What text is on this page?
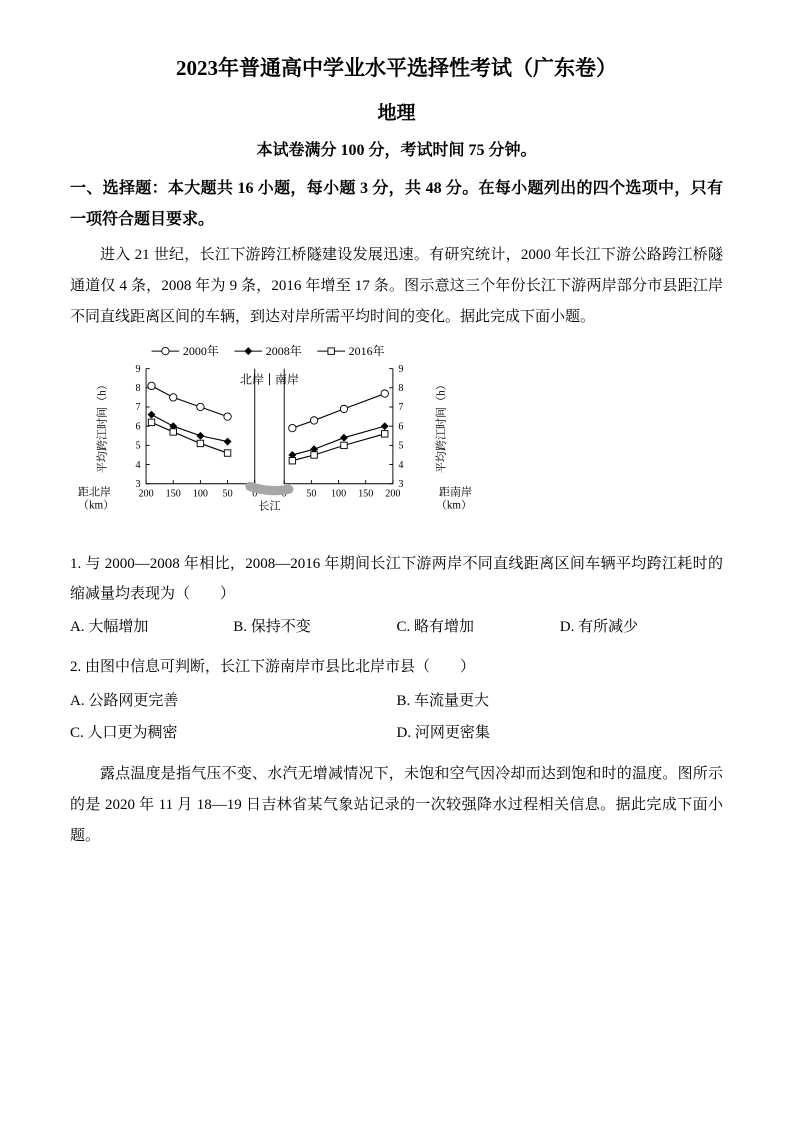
2023年普通高中学业水平选择性考试（广东卷）
地理

本试卷满分 100 分，考试时间 75 分钟。

一、选择题：本大题共 16 小题，每小题 3 分，共 48 分。在每小题列出的四个选项中，只有一项符合题目要求。

进入 21 世纪，长江下游跨江桥隧建设发展迅速。有研究统计，2000 年长江下游公路跨江桥隧通道仅 4 条，2008 年为 9 条，2016 年增至 17 条。图示意这三个年份长江下游两岸部分市县距江岸不同直线距离区间的车辆，到达对岸所需平均时间的变化。据此完成下面小题。

2000年	2008年	2016年
3	3
4	4
5	5
6	6
7	7
8	8
9	9
200 150 100 50 0 0 50 100 150 200
北岸 南岸
长江
平均跨江时间（h）	平均跨江时间（h）
距北岸
（km）
距南岸
（km）

1. 与 2000—2008 年相比，2008—2016 年期间长江下游两岸不同直线距离区间车辆平均跨江耗时的缩减量均表现为（　　）

A. 大幅增加	B. 保持不变	C. 略有增加	D. 有所减少

2. 由图中信息可判断，长江下游南岸市县比北岸市县（　　）

A. 公路网更完善	B. 车流量更大
C. 人口更为稠密	D. 河网更密集

露点温度是指气压不变、水汽无增减情况下，未饱和空气因冷却而达到饱和时的温度。图所示的是 2020 年 11 月 18—19 日吉林省某气象站记录的一次较强降水过程相关信息。据此完成下面小题。
